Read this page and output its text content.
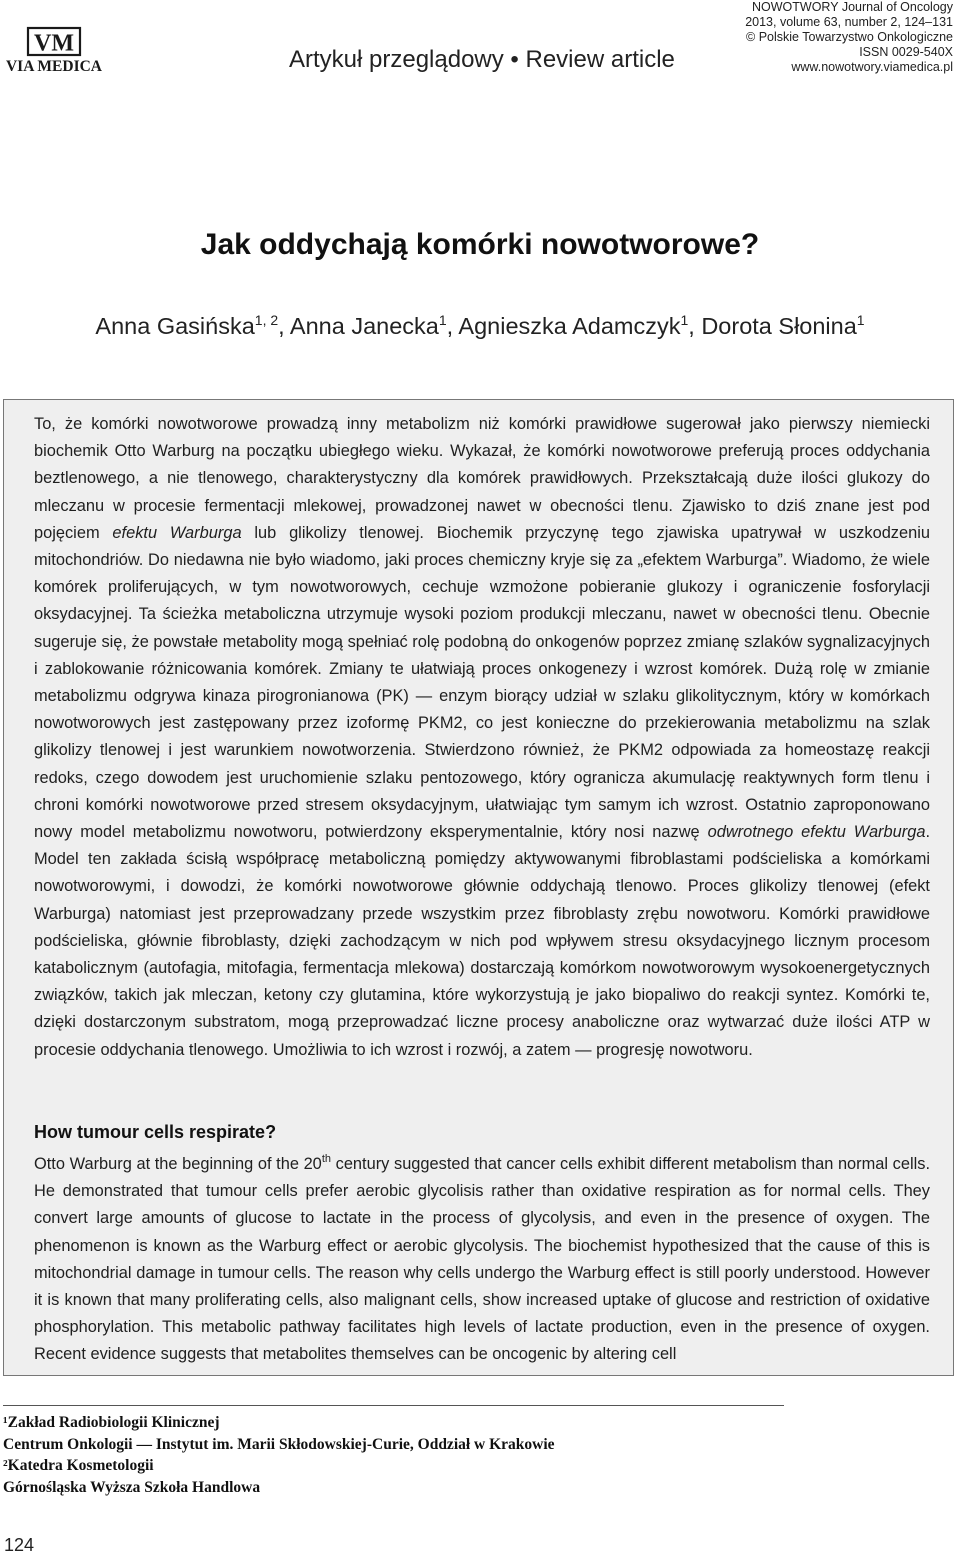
VM
VIA MEDICA	Artykuł przeglądowy • Review article
NOWOTWORY Journal of Oncology
2013, volume 63, number 2, 124–131
© Polskie Towarzystwo Onkologiczne
ISSN 0029-540X
www.nowotwory.viamedica.pl
Jak oddychają komórki nowotworowe?
Anna Gasińska$^{1, 2}$, Anna Janecka$^1$, Agnieszka Adamczyk$^1$, Dorota Słonina$^1$

To, że komórki nowotworowe prowadzą inny metabolizm niż komórki prawidłowe sugerował jako pierwszy niemiecki biochemik Otto Warburg na początku ubiegłego wieku. Wykazał, że komórki nowotworowe preferują proces oddychania beztlenowego, a nie tlenowego, charakterystyczny dla komórek prawidłowych. Przekształcają duże ilości glukozy do mleczanu w procesie fermentacji mlekowej, prowadzonej nawet w obecności tlenu. Zjawisko to dziś znane jest pod pojęciem efektu Warburga lub glikolizy tlenowej. Biochemik przyczynę tego zjawiska upatrywał w uszkodzeniu mitochondriów. Do niedawna nie było wiadomo, jaki proces chemiczny kryje się za „efektem Warburga”. Wiadomo, że wiele komórek proliferujących, w tym nowotworowych, cechuje wzmożone pobieranie glukozy i ograniczenie fosforylacji oksydacyjnej. Ta ścieżka metaboliczna utrzymuje wysoki poziom produkcji mleczanu, nawet w obecności tlenu. Obecnie sugeruje się, że powstałe metabolity mogą spełniać rolę podobną do onkogenów poprzez zmianę szlaków sygnalizacyjnych i zablokowanie różnicowania komórek. Zmiany te ułatwiają proces onkogenezy i wzrost komórek. Dużą rolę w zmianie metabolizmu odgrywa kinaza pirogronianowa (PK) — enzym biorący udział w szlaku glikolitycznym, który w komórkach nowotworowych jest zastępowany przez izoformę PKM2, co jest konieczne do przekierowania metabolizmu na szlak glikolizy tlenowej i jest warunkiem nowotworzenia. Stwierdzono również, że PKM2 odpowiada za homeostazę reakcji redoks, czego dowodem jest uruchomienie szlaku pentozowego, który ogranicza akumulację reaktywnych form tlenu i chroni komórki nowotworowe przed stresem oksydacyjnym, ułatwiając tym samym ich wzrost. Ostatnio zaproponowano nowy model metabolizmu nowotworu, potwierdzony eksperymentalnie, który nosi nazwę odwrotnego efektu Warburga. Model ten zakłada ścisłą współpracę metaboliczną pomiędzy aktywowanymi fibroblastami podścieliska a komórkami nowotworowymi, i dowodzi, że komórki nowotworowe głównie oddychają tlenowo. Proces glikolizy tlenowej (efekt Warburga) natomiast jest przeprowadzany przede wszystkim przez fibroblasty zrębu nowotworu. Komórki prawidłowe podścieliska, głównie fibroblasty, dzięki zachodzącym w nich pod wpływem stresu oksydacyjnego licznym procesom katabolicznym (autofagia, mitofagia, fermentacja mlekowa) dostarczają komórkom nowotworowym wysokoenergetycznych związków, takich jak mleczan, ketony czy glutamina, które wykorzystują je jako biopaliwo do reakcji syntez. Komórki te, dzięki dostarczonym substratom, mogą przeprowadzać liczne procesy anaboliczne oraz wytwarzać duże ilości ATP w procesie oddychania tlenowego. Umożliwia to ich wzrost i rozwój, a zatem — progresję nowotworu.

How tumour cells respirate?

Otto Warburg at the beginning of the 20th century suggested that cancer cells exhibit different metabolism than normal cells. He demonstrated that tumour cells prefer aerobic glycolisis rather than oxidative respiration as for normal cells. They convert large amounts of glucose to lactate in the process of glycolysis, and even in the presence of oxygen. The phenomenon is known as the Warburg effect or aerobic glycolysis. The biochemist hypothesized that the cause of this is mitochondrial damage in tumour cells. The reason why cells undergo the Warburg effect is still poorly understood. However it is known that many proliferating cells, also malignant cells, show increased uptake of glucose and restriction of oxidative phosphorylation. This metabolic pathway facilitates high levels of lactate production, even in the presence of oxygen. Recent evidence suggests that metabolites themselves can be oncogenic by altering cell

¹Zakład Radiobiologii Klinicznej
Centrum Onkologii — Instytut im. Marii Skłodowskiej-Curie, Oddział w Krakowie
²Katedra Kosmetologii
Górnośląska Wyższa Szkoła Handlowa
124
